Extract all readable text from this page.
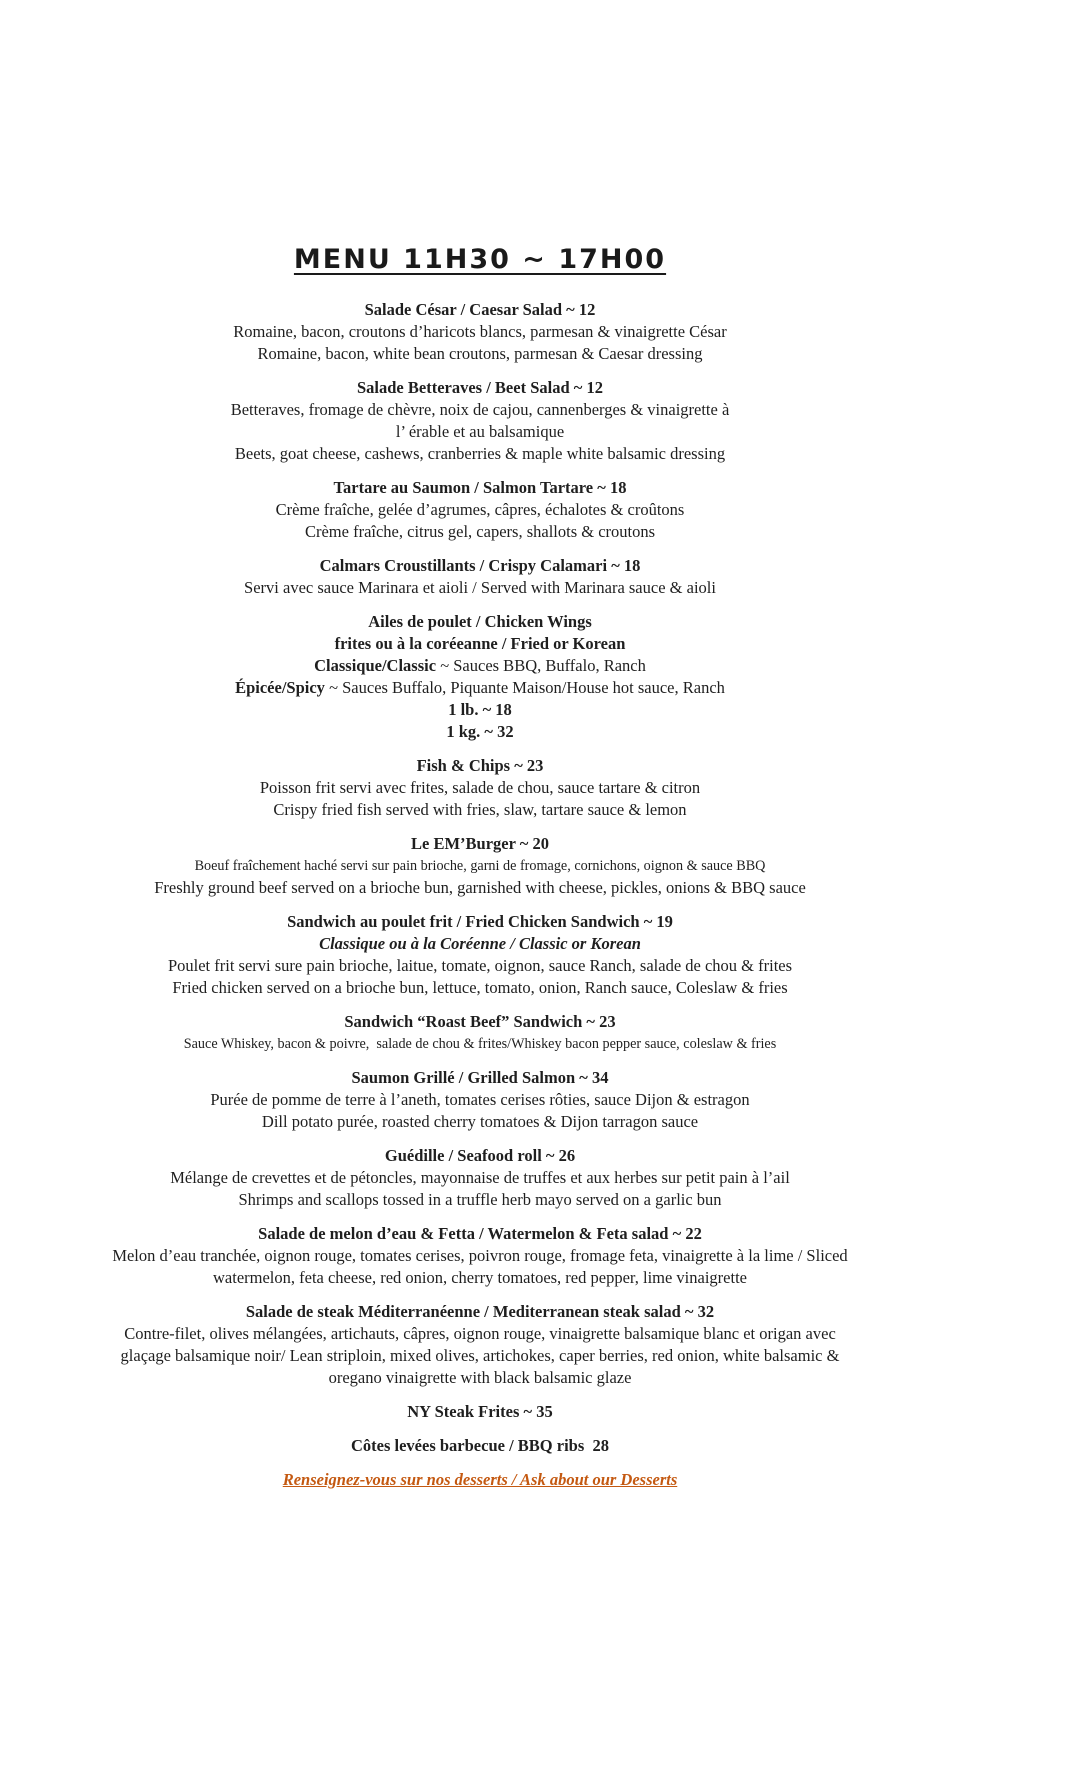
MENU 11H30 ~ 17H00

Salade César / Caesar Salad ~ 12

Romaine, bacon, croutons d’haricots blancs, parmesan & vinaigrette César

Romaine, bacon, white bean croutons, parmesan & Caesar dressing

Salade Betteraves / Beet Salad ~ 12

Betteraves, fromage de chèvre, noix de cajou, cannenberges & vinaigrette à

l’ érable et au balsamique

Beets, goat cheese, cashews, cranberries & maple white balsamic dressing

Tartare au Saumon / Salmon Tartare ~ 18

Crème fraîche, gelée d’agrumes, câpres, échalotes & croûtons

Crème fraîche, citrus gel, capers, shallots & croutons

Calmars Croustillants / Crispy Calamari ~ 18

Servi avec sauce Marinara et aioli / Served with Marinara sauce & aioli

Ailes de poulet / Chicken Wings

frites ou à la coréeanne / Fried or Korean

Classique/Classic ~ Sauces BBQ, Buffalo, Ranch

Épicée/Spicy ~ Sauces Buffalo, Piquante Maison/House hot sauce, Ranch

1 lb. ~ 18

1 kg. ~ 32

Fish & Chips ~ 23

Poisson frit servi avec frites, salade de chou, sauce tartare & citron

Crispy fried fish served with fries, slaw, tartare sauce & lemon

Le EM’Burger ~ 20

Boeuf fraîchement haché servi sur pain brioche, garni de fromage, cornichons, oignon & sauce BBQ

Freshly ground beef served on a brioche bun, garnished with cheese, pickles, onions & BBQ sauce

Sandwich au poulet frit / Fried Chicken Sandwich ~ 19

Classique ou à la Coréenne / Classic or Korean

Poulet frit servi sure pain brioche, laitue, tomate, oignon, sauce Ranch, salade de chou & frites

Fried chicken served on a brioche bun, lettuce, tomato, onion, Ranch sauce, Coleslaw & fries

Sandwich “Roast Beef” Sandwich ~ 23

Sauce Whiskey, bacon & poivre,  salade de chou & frites/Whiskey bacon pepper sauce, coleslaw & fries

Saumon Grillé / Grilled Salmon ~ 34

Purée de pomme de terre à l’aneth, tomates cerises rôties, sauce Dijon & estragon

Dill potato purée, roasted cherry tomatoes & Dijon tarragon sauce

Guédille / Seafood roll ~ 26

Mélange de crevettes et de pétoncles, mayonnaise de truffes et aux herbes sur petit pain à l’ail

Shrimps and scallops tossed in a truffle herb mayo served on a garlic bun

Salade de melon d’eau & Fetta / Watermelon & Feta salad ~ 22

Melon d’eau tranchée, oignon rouge, tomates cerises, poivron rouge, fromage feta, vinaigrette à la lime / Sliced watermelon, feta cheese, red onion, cherry tomatoes, red pepper, lime vinaigrette

Salade de steak Méditerranéenne / Mediterranean steak salad ~ 32

Contre-filet, olives mélangées, artichauts, câpres, oignon rouge, vinaigrette balsamique blanc et origan avec glaçage balsamique noir/ Lean striploin, mixed olives, artichokes, caper berries, red onion, white balsamic & oregano vinaigrette with black balsamic glaze

NY Steak Frites ~ 35

Côtes levées barbecue / BBQ ribs  28

Renseignez-vous sur nos desserts / Ask about our Desserts
